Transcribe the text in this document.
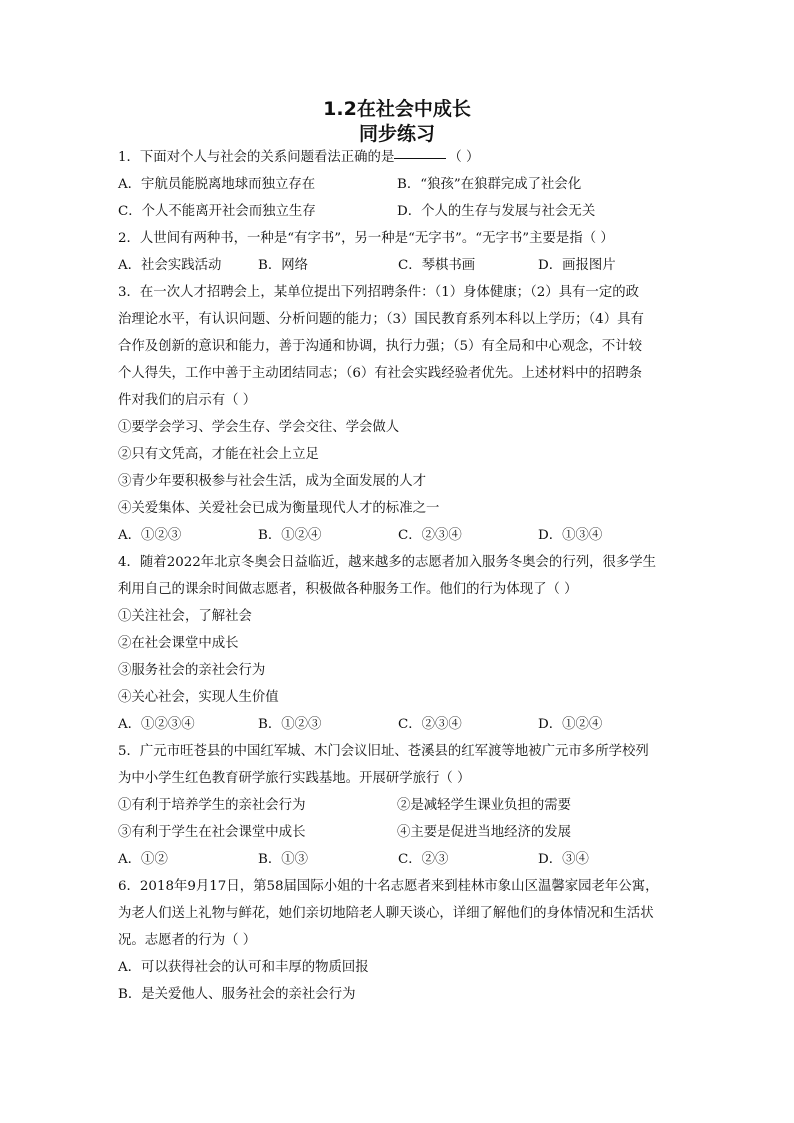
1.2在社会中成长
同步练习
1．下面对个人与社会的关系问题看法正确的是	（ ）
A．宇航员能脱离地球而独立存在	B．“狼孩”在狼群完成了社会化
C．个人不能离开社会而独立生存	D．个人的生存与发展与社会无关
2．人世间有两种书，一种是“有字书”，另一种是“无字书”。“无字书”主要是指（ ）
A．社会实践活动	B．网络	C．琴棋书画	D．画报图片
3．在一次人才招聘会上，某单位提出下列招聘条件：（1）身体健康；（2）具有一定的政
治理论水平，有认识问题、分析问题的能力；（3）国民教育系列本科以上学历；（4）具有
合作及创新的意识和能力，善于沟通和协调，执行力强；（5）有全局和中心观念，不计较
个人得失，工作中善于主动团结同志；（6）有社会实践经验者优先。上述材料中的招聘条
件对我们的启示有（ ）
①要学会学习、学会生存、学会交往、学会做人
②只有文凭高，才能在社会上立足
③青少年要积极参与社会生活，成为全面发展的人才
④关爱集体、关爱社会已成为衡量现代人才的标准之一
A．①②③	B．①②④	C．②③④	D．①③④
4．随着2022年北京冬奥会日益临近，越来越多的志愿者加入服务冬奥会的行列，很多学生
利用自己的课余时间做志愿者，积极做各种服务工作。他们的行为体现了（ ）
①关注社会，了解社会
②在社会课堂中成长
③服务社会的亲社会行为
④关心社会，实现人生价值
A．①②③④	B．①②③	C．②③④	D．①②④
5．广元市旺苍县的中国红军城、木门会议旧址、苍溪县的红军渡等地被广元市多所学校列
为中小学生红色教育研学旅行实践基地。开展研学旅行（ ）
①有利于培养学生的亲社会行为	②是减轻学生课业负担的需要
③有利于学生在社会课堂中成长	④主要是促进当地经济的发展
A．①②	B．①③	C．②③	D．③④
6．2018年9月17日，第58届国际小姐的十名志愿者来到桂林市象山区温馨家园老年公寓，
为老人们送上礼物与鲜花，她们亲切地陪老人聊天谈心，详细了解他们的身体情况和生活状
况。志愿者的行为（ ）
A．可以获得社会的认可和丰厚的物质回报
B．是关爱他人、服务社会的亲社会行为
